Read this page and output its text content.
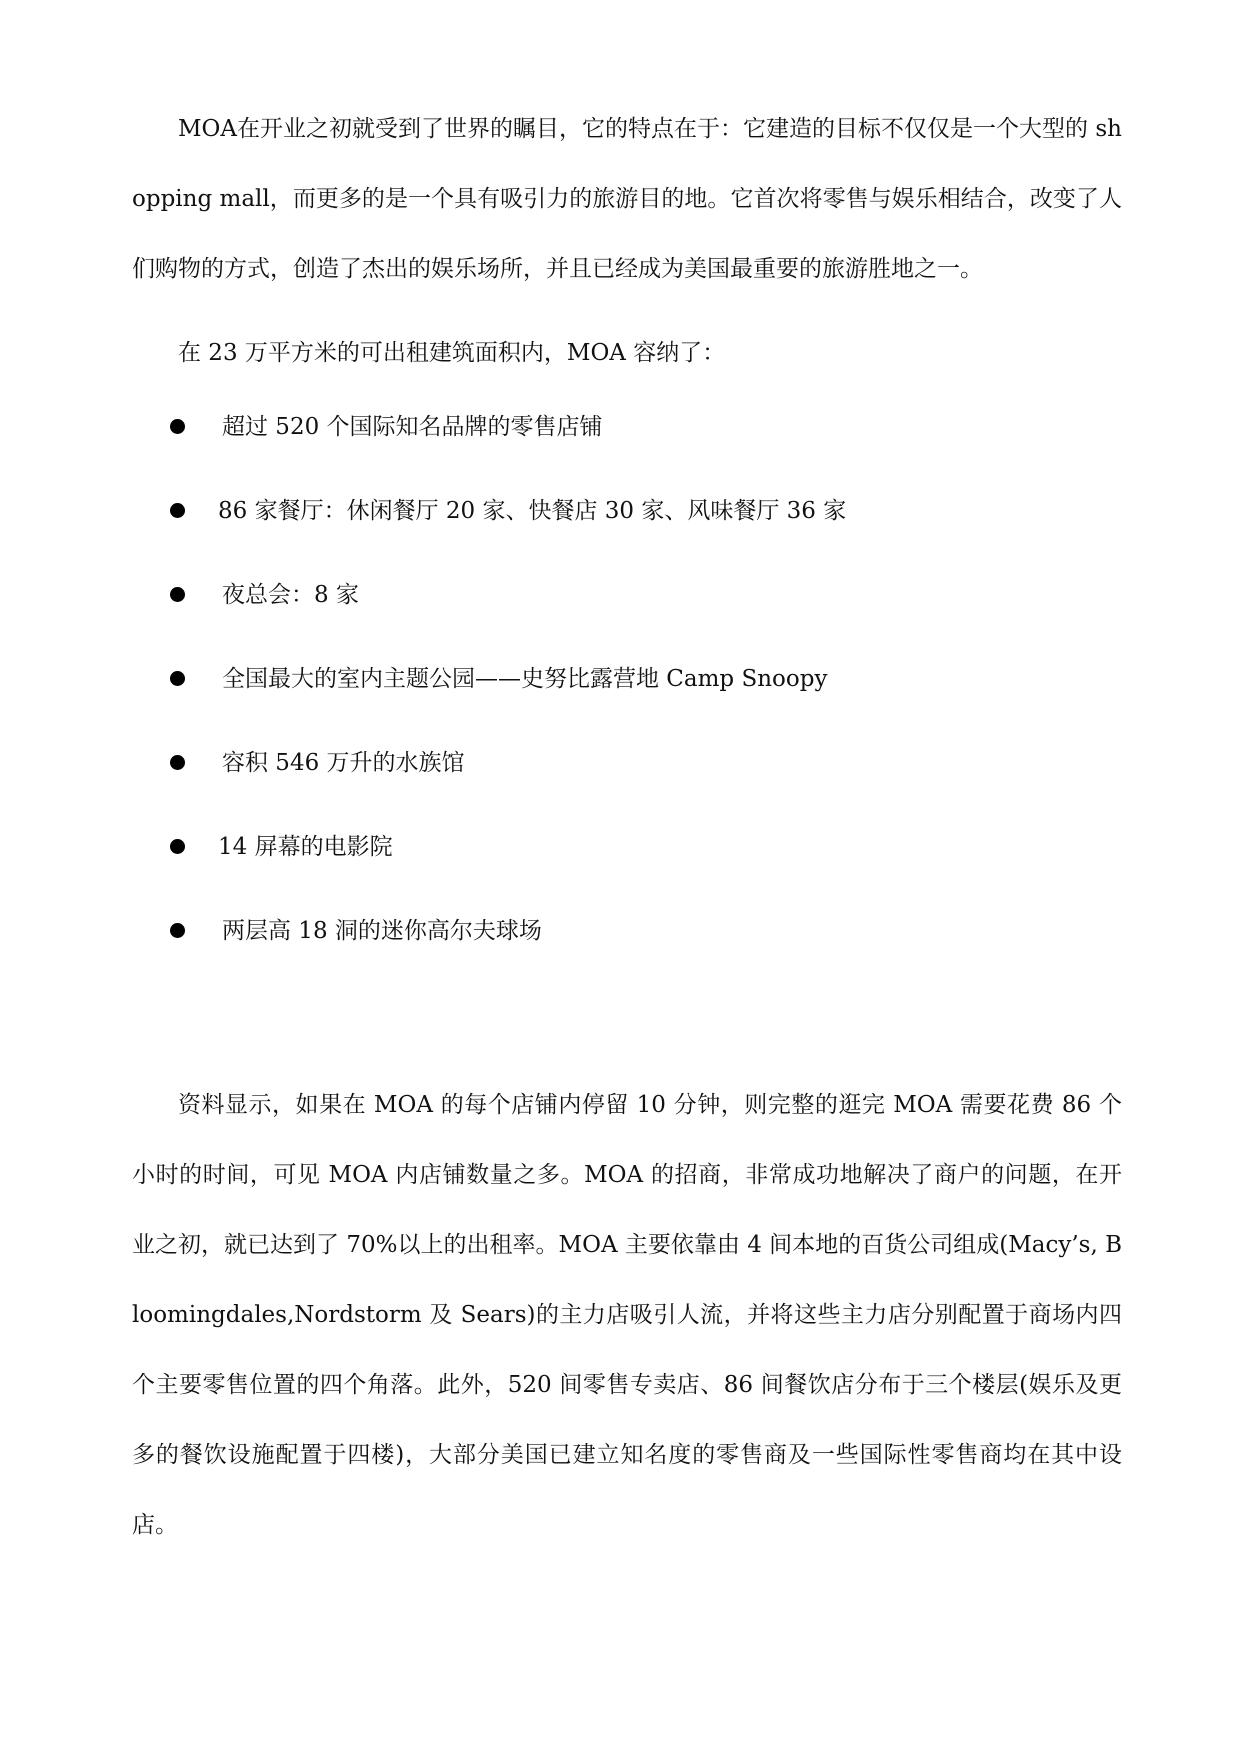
MOA在开业之初就受到了世界的瞩目，它的特点在于：它建造的目标不仅仅是一个大型的 shopping mall，而更多的是一个具有吸引力的旅游目的地。它首次将零售与娱乐相结合，改变了人们购物的方式，创造了杰出的娱乐场所，并且已经成为美国最重要的旅游胜地之一。

在 23 万平方米的可出租建筑面积内，MOA 容纳了：

超过 520 个国际知名品牌的零售店铺
86 家餐厅：休闲餐厅 20 家、快餐店 30 家、风味餐厅 36 家
夜总会：8 家
全国最大的室内主题公园——史努比露营地 Camp Snoopy
容积 546 万升的水族馆
14 屏幕的电影院
两层高 18 洞的迷你高尔夫球场

资料显示，如果在 MOA 的每个店铺内停留 10 分钟，则完整的逛完 MOA 需要花费 86 个小时的时间，可见 MOA 内店铺数量之多。MOA 的招商，非常成功地解决了商户的问题，在开业之初，就已达到了 70%以上的出租率。MOA 主要依靠由 4 间本地的百货公司组成(Macy’s, Bloomingdales,Nordstorm 及 Sears)的主力店吸引人流，并将这些主力店分别配置于商场内四个主要零售位置的四个角落。此外，520 间零售专卖店、86 间餐饮店分布于三个楼层(娱乐及更多的餐饮设施配置于四楼)，大部分美国已建立知名度的零售商及一些国际性零售商均在其中设店。
